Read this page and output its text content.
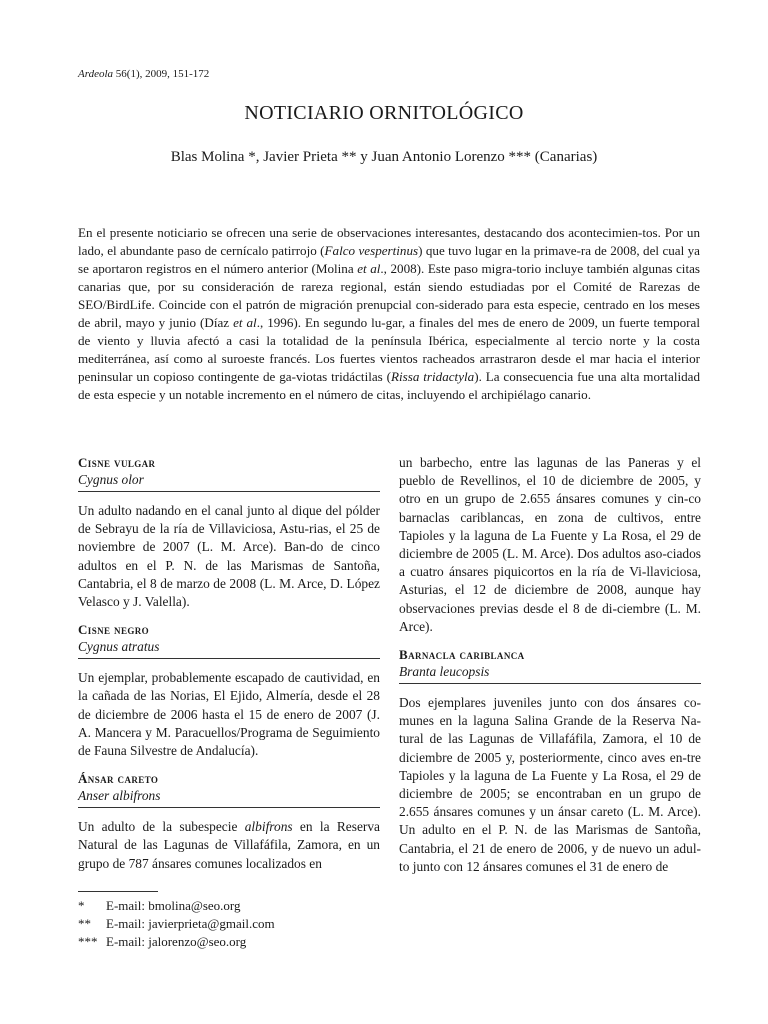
Ardeola 56(1), 2009, 151-172
NOTICIARIO ORNITOLÓGICO
Blas Molina *, Javier Prieta ** y Juan Antonio Lorenzo *** (Canarias)
En el presente noticiario se ofrecen una serie de observaciones interesantes, destacando dos acontecimien-tos. Por un lado, el abundante paso de cernícalo patirrojo (Falco vespertinus) que tuvo lugar en la primave-ra de 2008, del cual ya se aportaron registros en el número anterior (Molina et al., 2008). Este paso migra-torio incluye también algunas citas canarias que, por su consideración de rareza regional, están siendo estudiadas por el Comité de Rarezas de SEO/BirdLife. Coincide con el patrón de migración prenupcial con-siderado para esta especie, centrado en los meses de abril, mayo y junio (Díaz et al., 1996). En segundo lu-gar, a finales del mes de enero de 2009, un fuerte temporal de viento y lluvia afectó a casi la totalidad de la península Ibérica, especialmente al tercio norte y la costa mediterránea, así como al suroeste francés. Los fuertes vientos racheados arrastraron desde el mar hacia el interior peninsular un copioso contingente de ga-viotas tridáctilas (Rissa tridactyla). La consecuencia fue una alta mortalidad de esta especie y un notable incremento en el número de citas, incluyendo el archipiélago canario.
Cisne vulgar
Cygnus olor

Un adulto nadando en el canal junto al dique del pólder de Sebrayu de la ría de Villaviciosa, Astu-rias, el 25 de noviembre de 2007 (L. M. Arce). Ban-do de cinco adultos en el P. N. de las Marismas de Santoña, Cantabria, el 8 de marzo de 2008 (L. M. Arce, D. López Velasco y J. Valella).

Cisne negro
Cygnus atratus

Un ejemplar, probablemente escapado de cautividad, en la cañada de las Norias, El Ejido, Almería, desde el 28 de diciembre de 2006 hasta el 15 de enero de 2007 (J. A. Mancera y M. Paracuellos/Programa de Seguimiento de Fauna Silvestre de Andalucía).

Ánsar careto
Anser albifrons

Un adulto de la subespecie albifrons en la Reserva Natural de las Lagunas de Villafáfila, Zamora, en un grupo de 787 ánsares comunes localizados en

un barbecho, entre las lagunas de las Paneras y el pueblo de Revellinos, el 10 de diciembre de 2005, y otro en un grupo de 2.655 ánsares comunes y cin-co barnaclas cariblancas, en zona de cultivos, entre Tapioles y la laguna de La Fuente y La Rosa, el 29 de diciembre de 2005 (L. M. Arce). Dos adultos aso-ciados a cuatro ánsares piquicortos en la ría de Vi-llaviciosa, Asturias, el 12 de diciembre de 2008, aunque hay observaciones previas desde el 8 de di-ciembre (L. M. Arce).

Barnacla cariblanca
Branta leucopsis

Dos ejemplares juveniles junto con dos ánsares co-munes en la laguna Salina Grande de la Reserva Na-tural de las Lagunas de Villafáfila, Zamora, el 10 de diciembre de 2005 y, posteriormente, cinco aves en-tre Tapioles y la laguna de La Fuente y La Rosa, el 29 de diciembre de 2005; se encontraban en un grupo de 2.655 ánsares comunes y un ánsar careto (L. M. Arce). Un adulto en el P. N. de las Marismas de Santoña, Cantabria, el 21 de enero de 2006, y de nuevo un adul-to junto con 12 ánsares comunes el 31 de enero de

*	E-mail: bmolina@seo.org
**	E-mail: javierprieta@gmail.com
*** E-mail: jalorenzo@seo.org
